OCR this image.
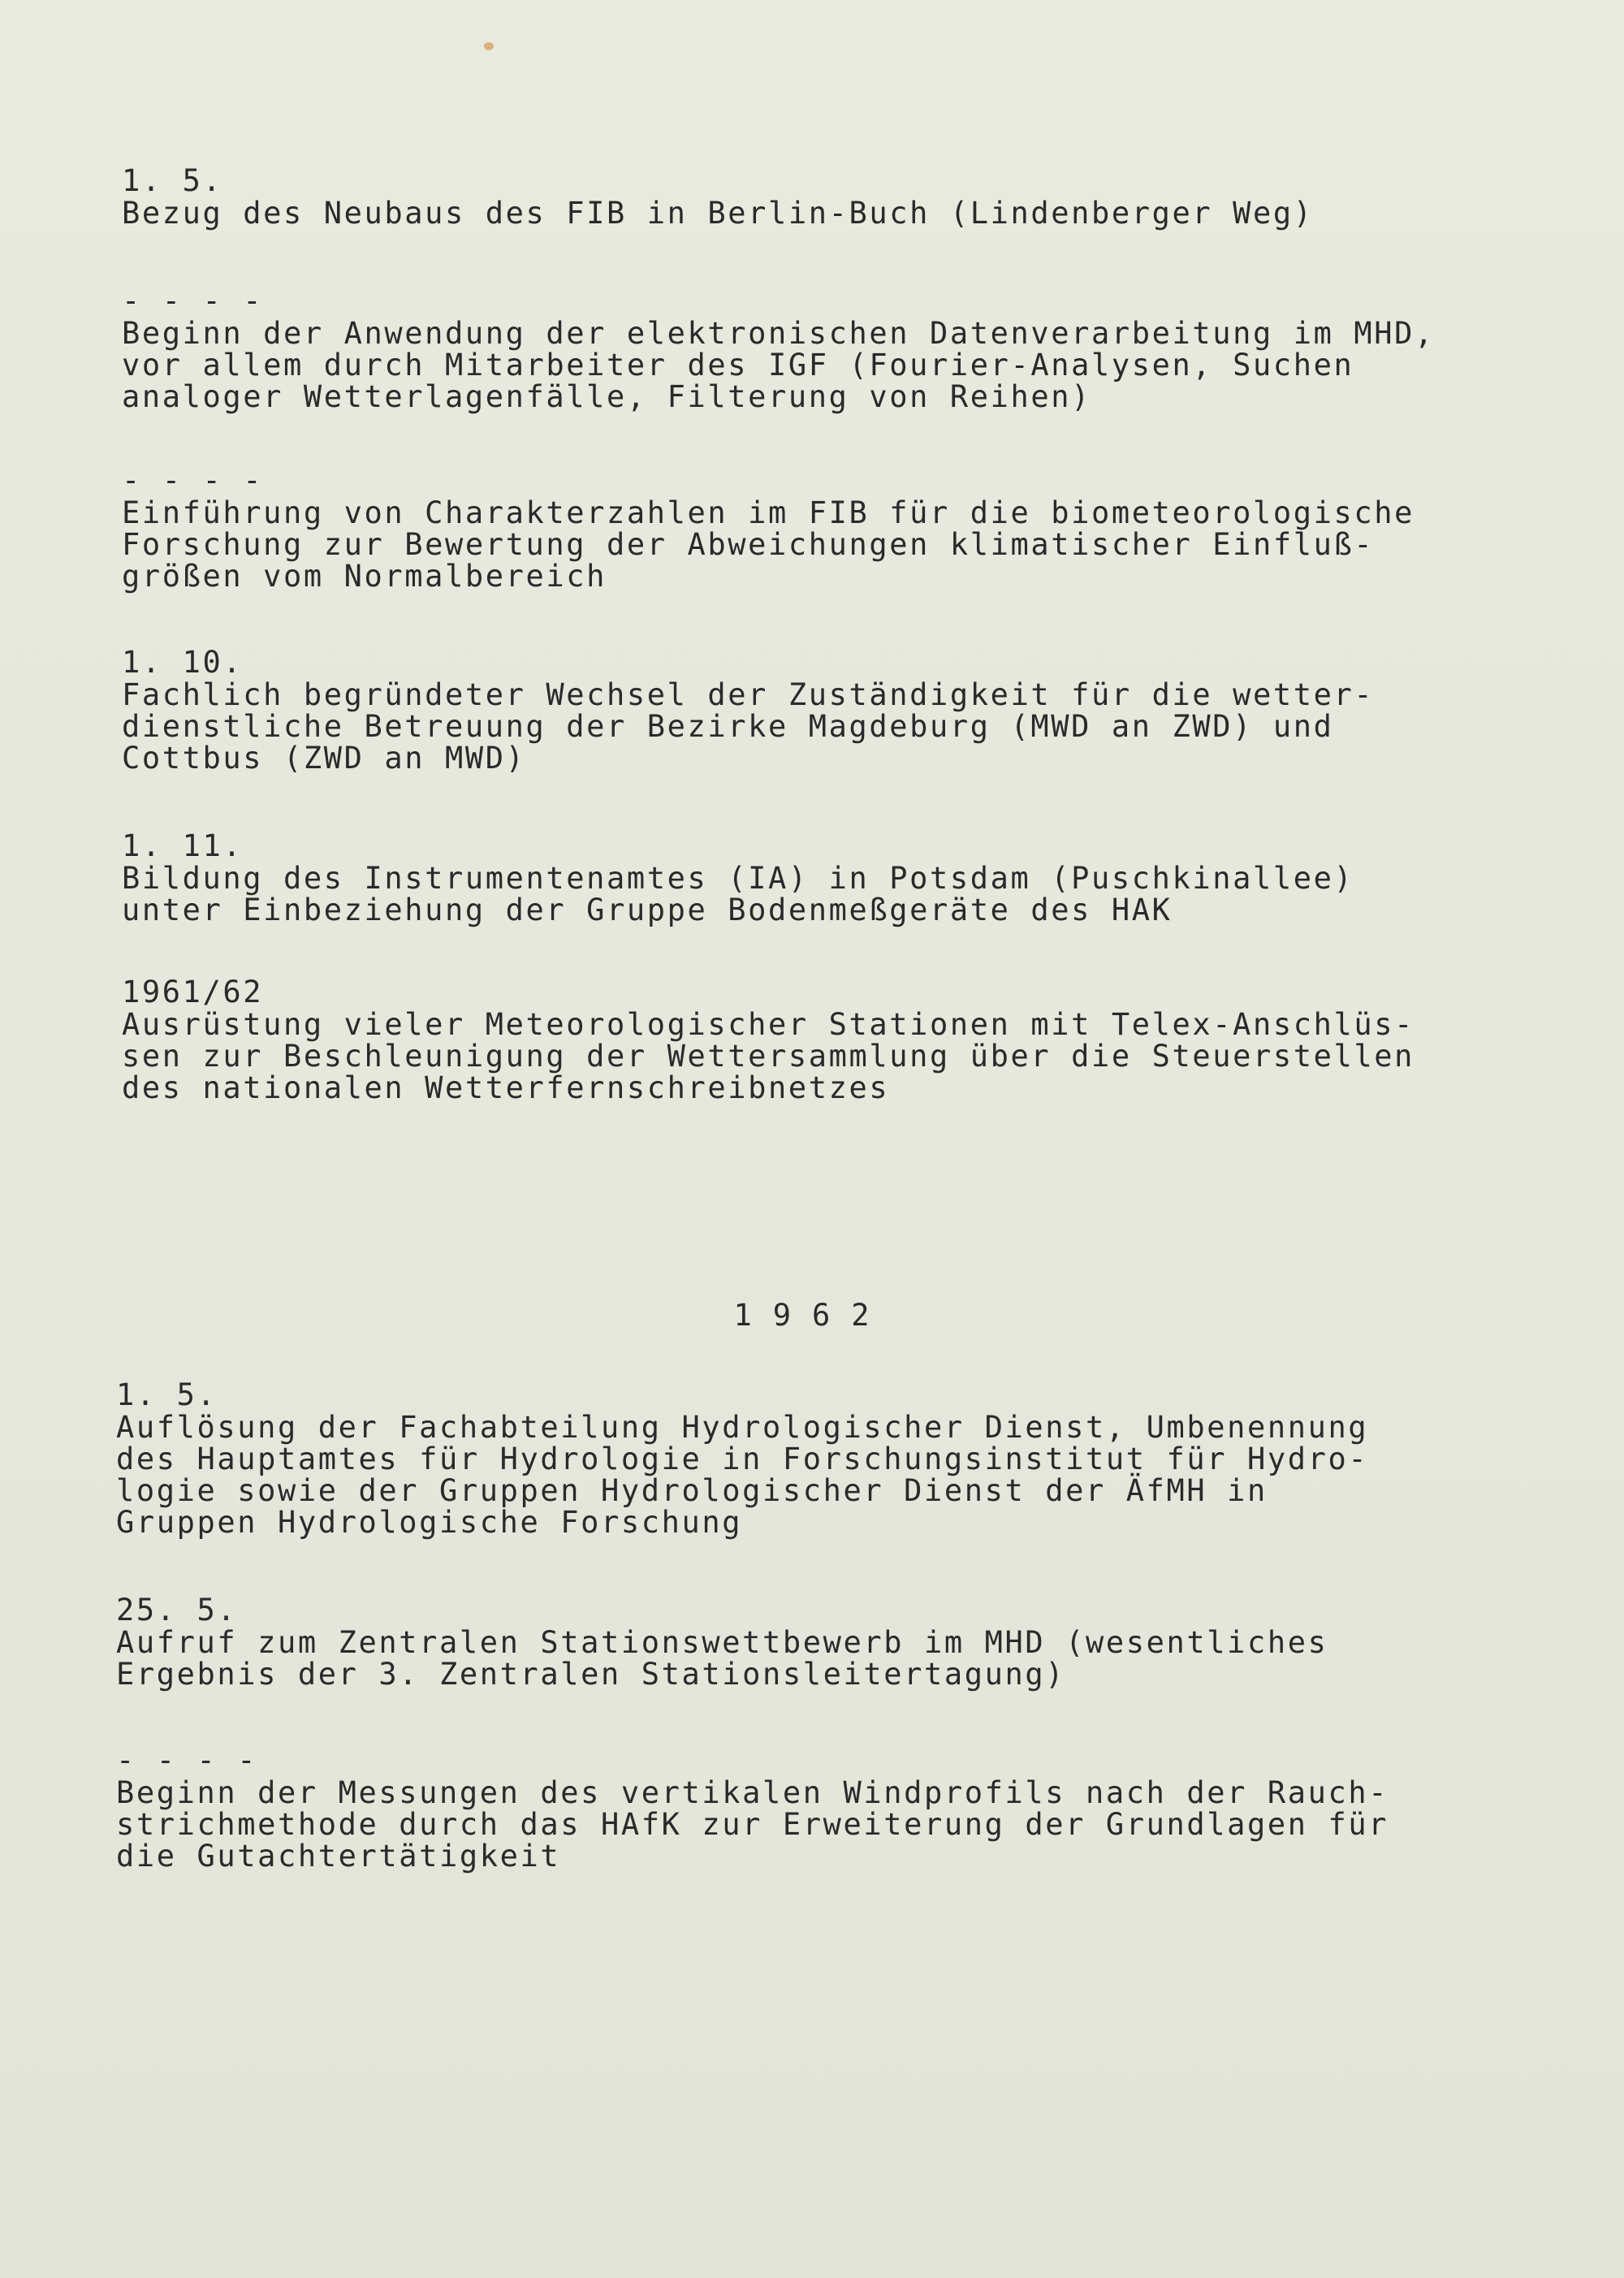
1. 5.
Bezug des Neubaus des FIB in Berlin-Buch (Lindenberger Weg)
- - - -
Beginn der Anwendung der elektronischen Datenverarbeitung im MHD,
vor allem durch Mitarbeiter des IGF (Fourier-Analysen, Suchen
analoger Wetterlagenfälle, Filterung von Reihen)
- - - -
Einführung von Charakterzahlen im FIB für die biometeorologische
Forschung zur Bewertung der Abweichungen klimatischer Einfluß-
größen vom Normalbereich
1. 10.
Fachlich begründeter Wechsel der Zuständigkeit für die wetter-
dienstliche Betreuung der Bezirke Magdeburg (MWD an ZWD) und
Cottbus (ZWD an MWD)
1. 11.
Bildung des Instrumentenamtes (IA) in Potsdam (Puschkinallee)
unter Einbeziehung der Gruppe Bodenmeßgeräte des HAK
1961/62
Ausrüstung vieler Meteorologischer Stationen mit Telex-Anschlüs-
sen zur Beschleunigung der Wettersammlung über die Steuerstellen
des nationalen Wetterfernschreibnetzes
1962
1. 5.
Auflösung der Fachabteilung Hydrologischer Dienst, Umbenennung
des Hauptamtes für Hydrologie in Forschungsinstitut für Hydro-
logie sowie der Gruppen Hydrologischer Dienst der ÄfMH in
Gruppen Hydrologische Forschung
25. 5.
Aufruf zum Zentralen Stationswettbewerb im MHD (wesentliches
Ergebnis der 3. Zentralen Stationsleitertagung)
- - - -
Beginn der Messungen des vertikalen Windprofils nach der Rauch-
strichmethode durch das HAfK zur Erweiterung der Grundlagen für
die Gutachtertätigkeit
